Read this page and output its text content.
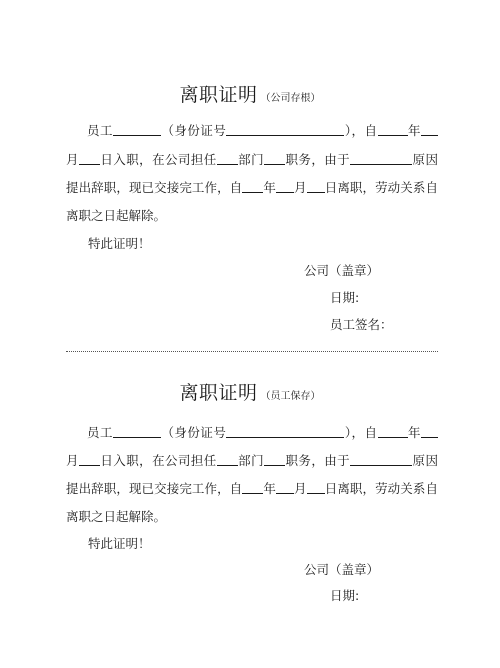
离职证明 （公司存根）
员工	（身份证号	），自 年
月 日入职，在公司担任 部门 职务，由于	原因
提出辞职，现已交接完工作，自 年 月 日离职，劳动关系自
离职之日起解除。
特此证明！
公司（盖章）
日期:
员工签名：
离职证明 （员工保存）
员工	（身份证号	），自 年
月 日入职，在公司担任 部门 职务，由于	原因
提出辞职，现已交接完工作，自 年 月 日离职，劳动关系自
离职之日起解除。
特此证明！
公司（盖章）
日期:
